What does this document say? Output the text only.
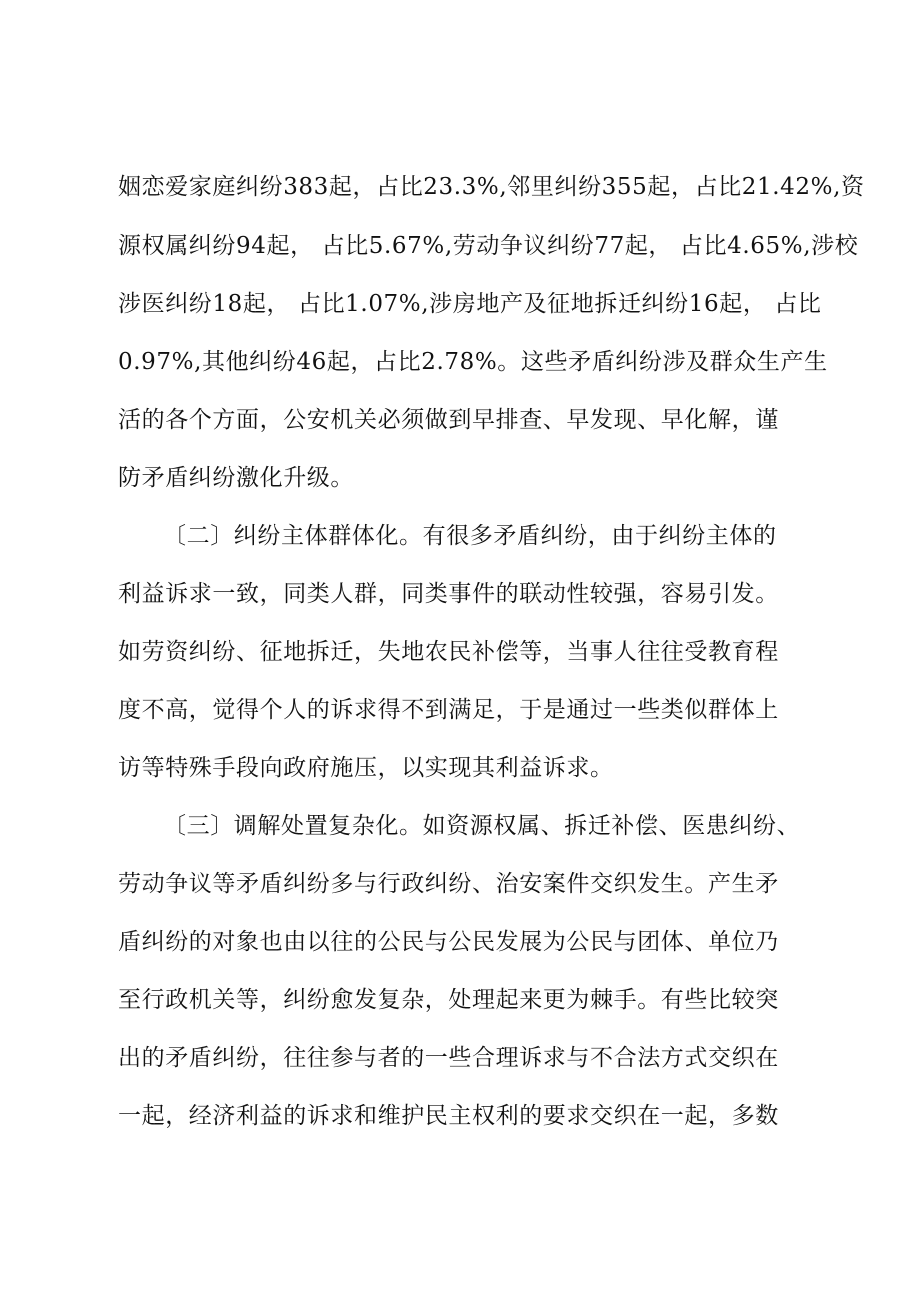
姻恋爱家庭纠纷383起，占比23.3%,邻里纠纷355起，占比21.42%,资
源权属纠纷94起， 占比5.67%,劳动争议纠纷77起， 占比4.65%,涉校
涉医纠纷18起， 占比1.07%,涉房地产及征地拆迁纠纷16起， 占比
0.97%,其他纠纷46起，占比2.78%。这些矛盾纠纷涉及群众生产生
活的各个方面，公安机关必须做到早排查、早发现、早化解，谨
防矛盾纠纷激化升级。
〔二〕纠纷主体群体化。有很多矛盾纠纷，由于纠纷主体的
利益诉求一致，同类人群，同类事件的联动性较强，容易引发。
如劳资纠纷、征地拆迁，失地农民补偿等，当事人往往受教育程
度不高，觉得个人的诉求得不到满足，于是通过一些类似群体上
访等特殊手段向政府施压，以实现其利益诉求。
〔三〕调解处置复杂化。如资源权属、拆迁补偿、医患纠纷、
劳动争议等矛盾纠纷多与行政纠纷、治安案件交织发生。产生矛
盾纠纷的对象也由以往的公民与公民发展为公民与团体、单位乃
至行政机关等，纠纷愈发复杂，处理起来更为棘手。有些比较突
出的矛盾纠纷，往往参与者的一些合理诉求与不合法方式交织在
一起，经济利益的诉求和维护民主权利的要求交织在一起，多数
